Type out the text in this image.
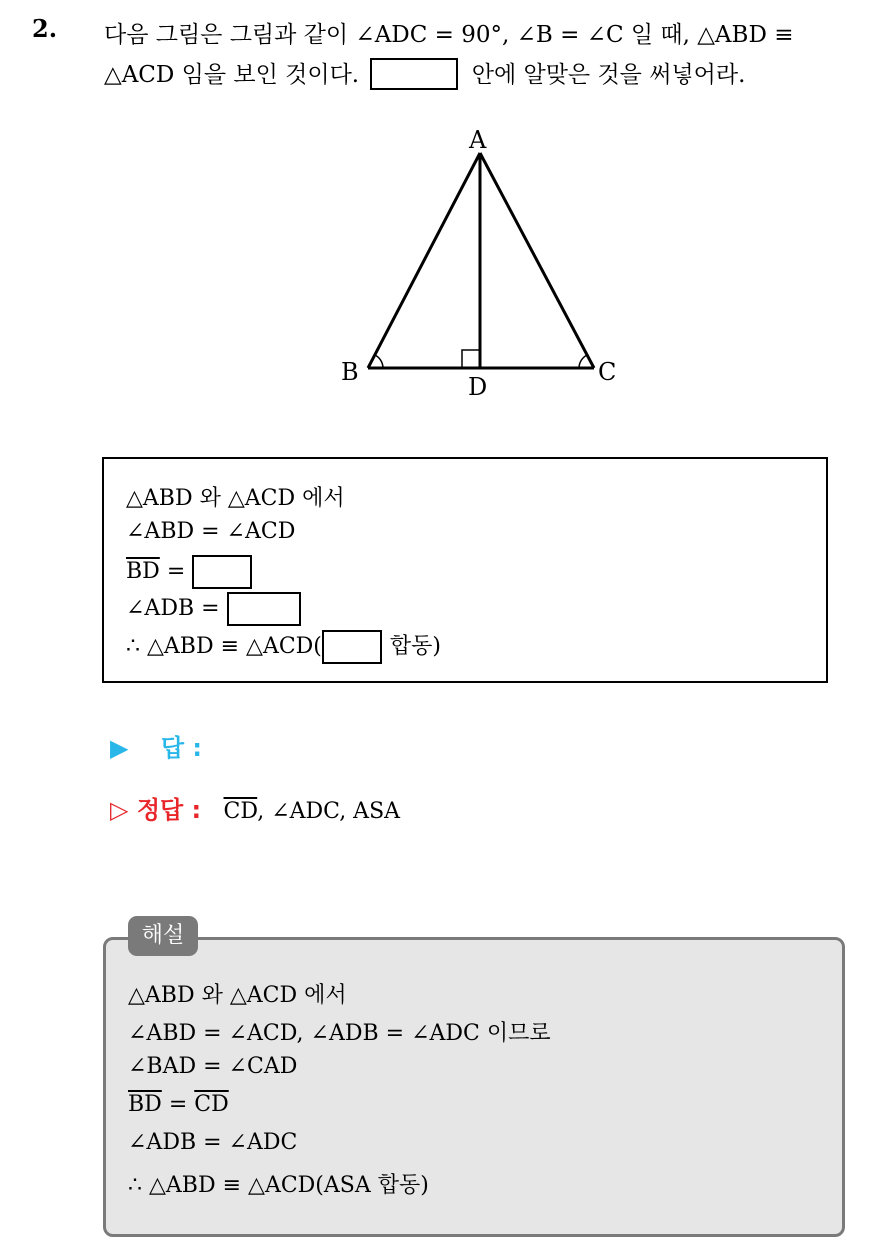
2. 다음 그림은 그림과 같이 ∠ADC = 90°, ∠B = ∠C 일 때, △ABD ≡
△ACD 임을 보인 것이다.	안에 알맞은 것을 써넣어라.
A
B	C
D
△ABD 와 △ACD 에서
∠ABD = ∠ACD
$\overline{BD}$ =
∠ADB =
∴ △ABD ≡ △ACD(	합동)
▶ 답 :
▷ 정답 : $\overline{CD}$, ∠ADC, ASA
△ABD 와 △ACD 에서
∠ABD = ∠ACD, ∠ADB = ∠ADC 이므로
∠BAD = ∠CAD
$\overline{BD} = \overline{CD}$
∠ADB = ∠ADC
∴ △ABD ≡ △ACD(ASA 합동)
해설
